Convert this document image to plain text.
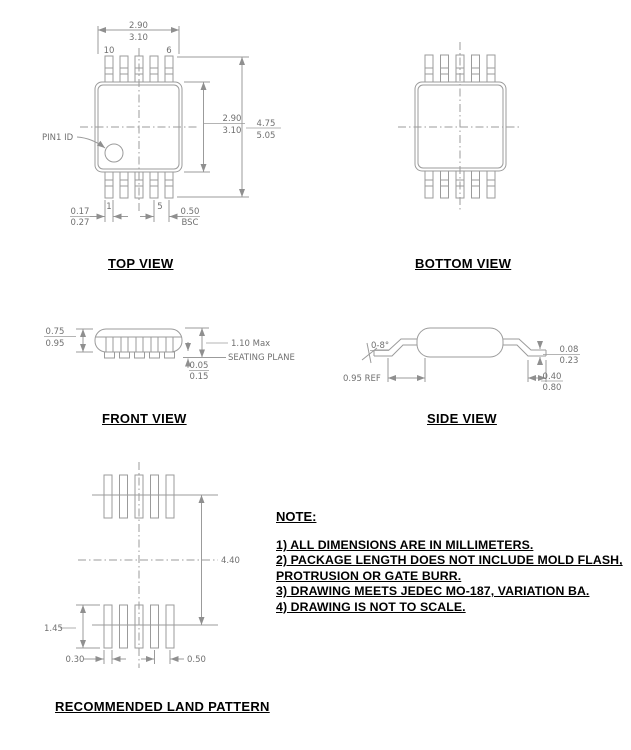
2.90
3.10
10	6
2.90
3.10
4.75
5.05
PIN1 ID
1	5
0.17
0.27
0.50
BSC
0.75
0.95	1.10 Max
SEATING PLANE
0.05
0.15
0-8°
0.95 REF
0.08
0.23
0.40
0.80
4.40
1.45
0.30	0.50
TOP VIEW	BOTTOM VIEW
FRONT VIEW	SIDE VIEW
RECOMMENDED LAND PATTERN
NOTE:
1) ALL DIMENSIONS ARE IN MILLIMETERS.
2) PACKAGE LENGTH DOES NOT INCLUDE MOLD FLASH,
PROTRUSION OR GATE BURR.
3) DRAWING MEETS JEDEC MO-187, VARIATION BA.
4) DRAWING IS NOT TO SCALE.
